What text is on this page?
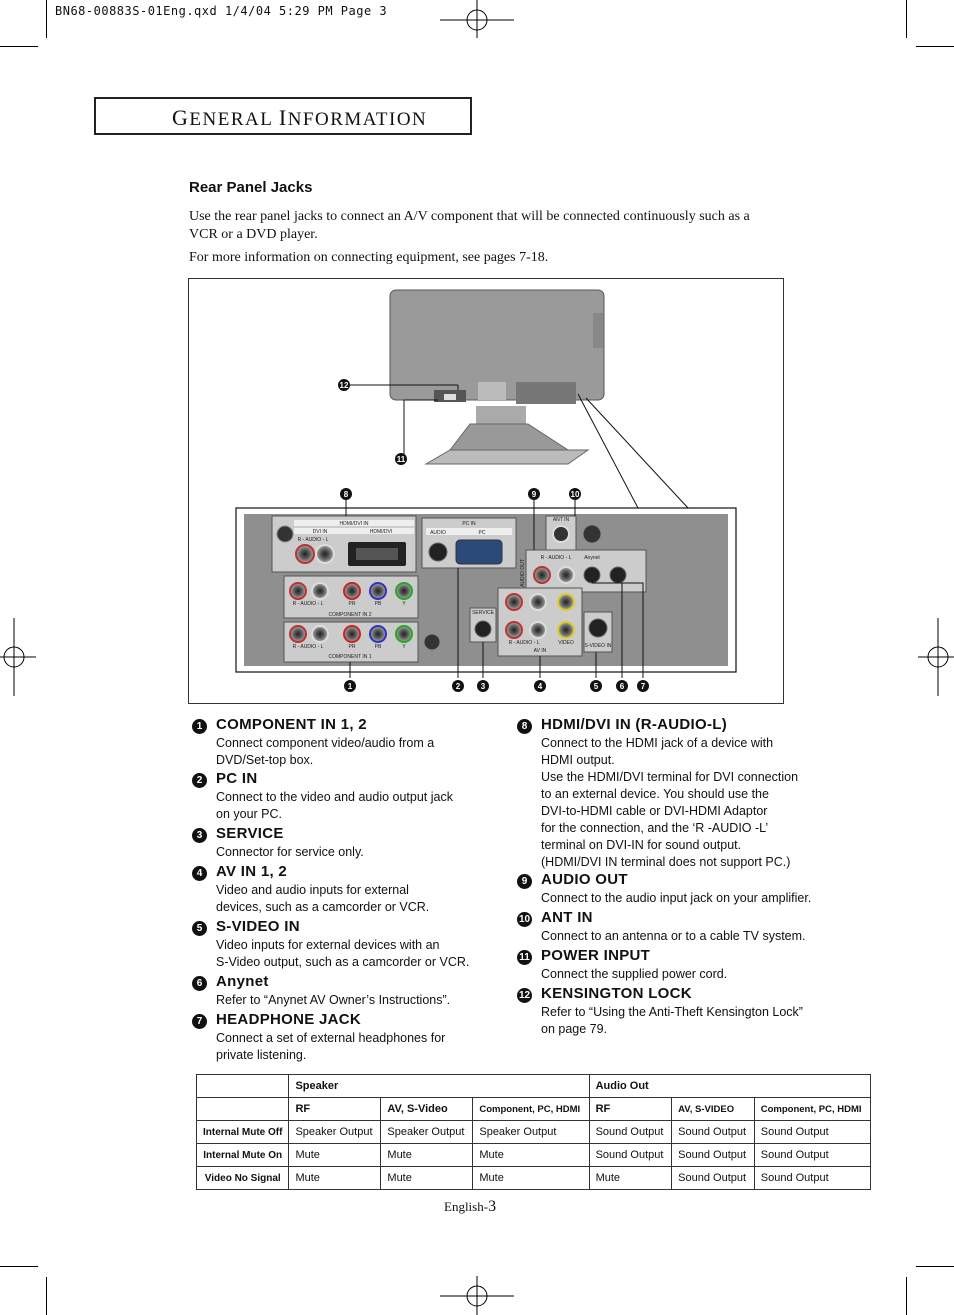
BN68-00883S-01Eng.qxd 1/4/04 5:29 PM Page 3
GENERAL INFORMATION
Rear Panel Jacks
Use the rear panel jacks to connect an A/V component that will be connected continuously such as a VCR or a DVD player.
For more information on connecting equipment, see pages 7-18.
12
11
8	9	10
1	2	3	4	5	6 7
HDMI/DVI IN
DVI IN	HDMI/DVI
R - AUDIO - L
PC IN
AUDIO	PC
ANT IN
R - AUDIO - L	Anynet
AUDIO OUT
R - AUDIO - L	PR	PB	Y
COMPONENT IN 2
R - AUDIO - L	PR	PB	Y
COMPONENT IN 1
SERVICE
R - AUDIO - L	VIDEO
AV IN
S-VIDEO IN
1 COMPONENT IN 1, 2
Connect component video/audio from a
DVD/Set-top box.
2 PC IN
Connect to the video and audio output jack
on your PC.
3 SERVICE
Connector for service only.
4 AV IN 1, 2
Video and audio inputs for external
devices, such as a camcorder or VCR.
5 S-VIDEO IN
Video inputs for external devices with an
S-Video output, such as a camcorder or VCR.
6 Anynet
Refer to “Anynet AV Owner’s Instructions”.
7 HEADPHONE JACK
Connect a set of external headphones for
private listening.
8 HDMI/DVI IN (R-AUDIO-L)
Connect to the HDMI jack of a device with
HDMI output.
Use the HDMI/DVI terminal for DVI connection
to an external device. You should use the
DVI-to-HDMI cable or DVI-HDMI Adaptor
for the connection, and the ‘R -AUDIO -L’
terminal on DVI-IN for sound output.
(HDMI/DVI IN terminal does not support PC.)
9 AUDIO OUT
Connect to the audio input jack on your amplifier.
10 ANT IN
Connect to an antenna or to a cable TV system.
11 POWER INPUT
Connect the supplied power cord.
12 KENSINGTON LOCK
Refer to “Using the Anti-Theft Kensington Lock”
on page 79.
	Speaker			Audio Out		
	RF	AV, S-Video	Component, PC, HDMI	RF	AV, S-VIDEO	Component, PC, HDMI
Internal Mute Off	Speaker Output	Speaker Output	Speaker Output	Sound Output	Sound Output	Sound Output
Internal Mute On	Mute	Mute	Mute	Sound Output	Sound Output	Sound Output
Video No Signal	Mute	Mute	Mute	Mute	Sound Output	Sound Output
English-3
